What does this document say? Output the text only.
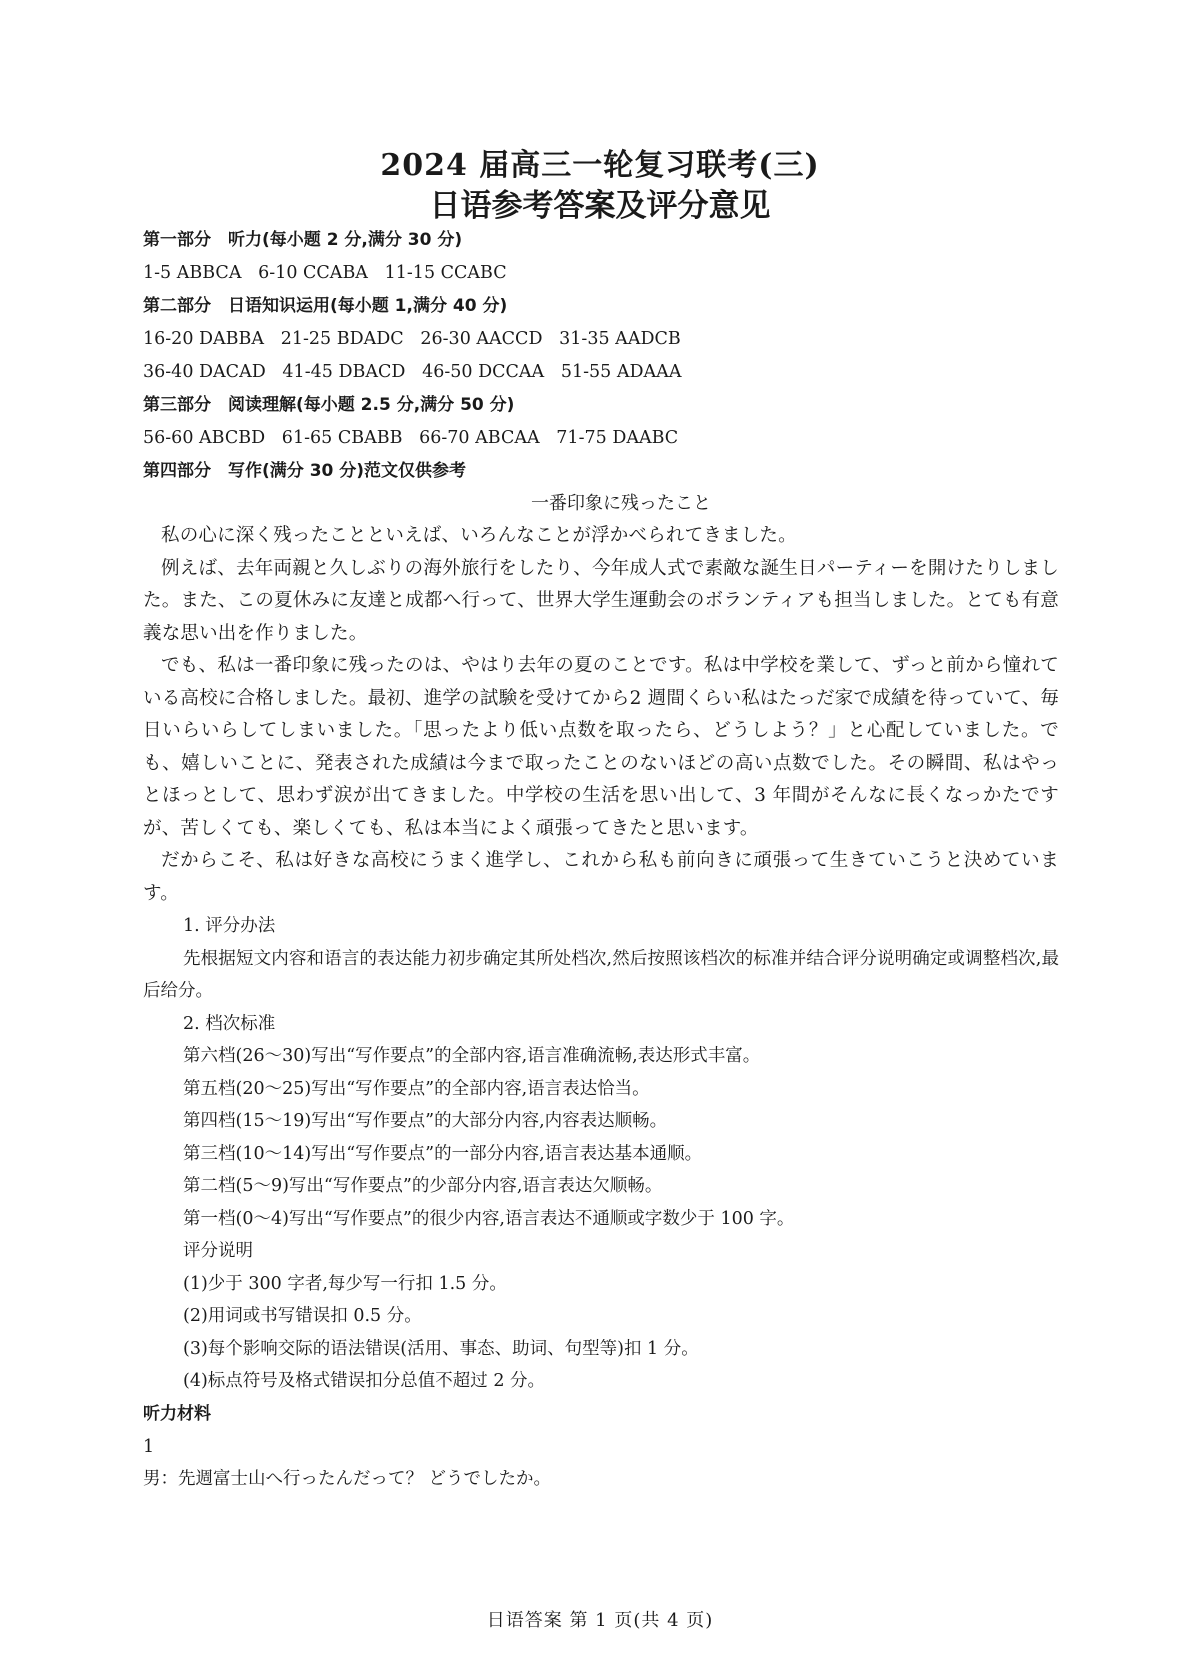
2024 届高三一轮复习联考(三)
日语参考答案及评分意见
第一部分　听力(每小题 2 分,满分 30 分)
1-5 ABBCA   6-10 CCABA   11-15 CCABC
第二部分　日语知识运用(每小题 1,满分 40 分)
16-20 DABBA   21-25 BDADC   26-30 AACCD   31-35 AADCB
36-40 DACAD   41-45 DBACD   46-50 DCCAA   51-55 ADAAA
第三部分　阅读理解(每小题 2.5 分,满分 50 分)
56-60 ABCBD   61-65 CBABB   66-70 ABCAA   71-75 DAABC
第四部分　写作(满分 30 分)范文仅供参考
一番印象に残ったこと

私の心に深く残ったことといえば、いろんなことが浮かべられてきました。

例えば、去年両親と久しぶりの海外旅行をしたり、今年成人式で素敵な誕生日パーティーを開けたりしました。また、この夏休みに友達と成都へ行って、世界大学生運動会のボランティアも担当しました。とても有意義な思い出を作りました。

でも、私は一番印象に残ったのは、やはり去年の夏のことです。私は中学校を業して、ずっと前から憧れている高校に合格しました。最初、進学の試験を受けてから2 週間くらい私はたっだ家で成績を待っていて、毎日いらいらしてしまいました。「思ったより低い点数を取ったら、どうしよう？」と心配していました。でも、嬉しいことに、発表された成績は今まで取ったことのないほどの高い点数でした。その瞬間、私はやっとほっとして、思わず涙が出てきました。中学校の生活を思い出して、3 年間がそんなに長くなっかたですが、苦しくても、楽しくても、私は本当によく頑張ってきたと思います。

だからこそ、私は好きな高校にうまく進学し、これから私も前向きに頑張って生きていこうと決めています。

1. 评分办法

先根据短文内容和语言的表达能力初步确定其所处档次,然后按照该档次的标准并结合评分说明确定或调整档次,最后给分。

2. 档次标准
第六档(26～30)写出“写作要点”的全部内容,语言准确流畅,表达形式丰富。
第五档(20～25)写出“写作要点”的全部内容,语言表达恰当。
第四档(15～19)写出“写作要点”的大部分内容,内容表达顺畅。
第三档(10～14)写出“写作要点”的一部分内容,语言表达基本通顺。
第二档(5～9)写出“写作要点”的少部分内容,语言表达欠顺畅。
第一档(0～4)写出“写作要点”的很少内容,语言表达不通顺或字数少于 100 字。
评分说明
(1)少于 300 字者,每少写一行扣 1.5 分。
(2)用词或书写错误扣 0.5 分。
(3)每个影响交际的语法错误(活用、事态、助词、句型等)扣 1 分。
(4)标点符号及格式错误扣分总值不超过 2 分。
听力材料
1
男：先週富士山へ行ったんだって？ どうでしたか。
日语答案 第 1 页(共 4 页)
